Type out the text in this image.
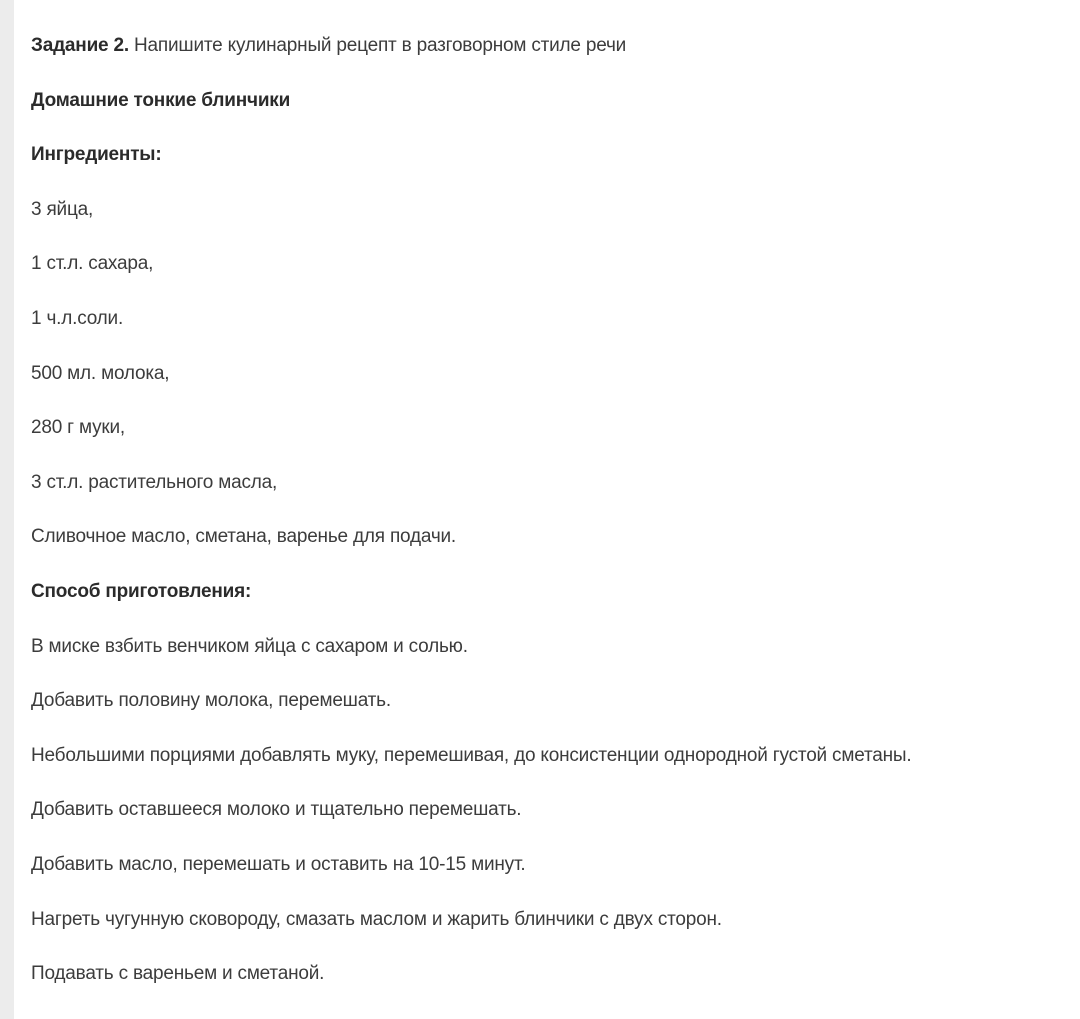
Задание 2. Напишите кулинарный рецепт в разговорном стиле речи
Домашние тонкие блинчики
Ингредиенты:
3 яйца,
1 ст.л. сахара,
1 ч.л.соли.
500 мл. молока,
280 г муки,
3 ст.л. растительного масла,
Сливочное масло, сметана, варенье для подачи.
Способ приготовления:
В миске взбить венчиком яйца с сахаром и солью.
Добавить половину молока, перемешать.
Небольшими порциями добавлять муку, перемешивая, до консистенции однородной густой сметаны.
Добавить оставшееся молоко и тщательно перемешать.
Добавить масло, перемешать и оставить на 10-15 минут.
Нагреть чугунную сковороду, смазать маслом и жарить блинчики с двух сторон.
Подавать с вареньем и сметаной.
